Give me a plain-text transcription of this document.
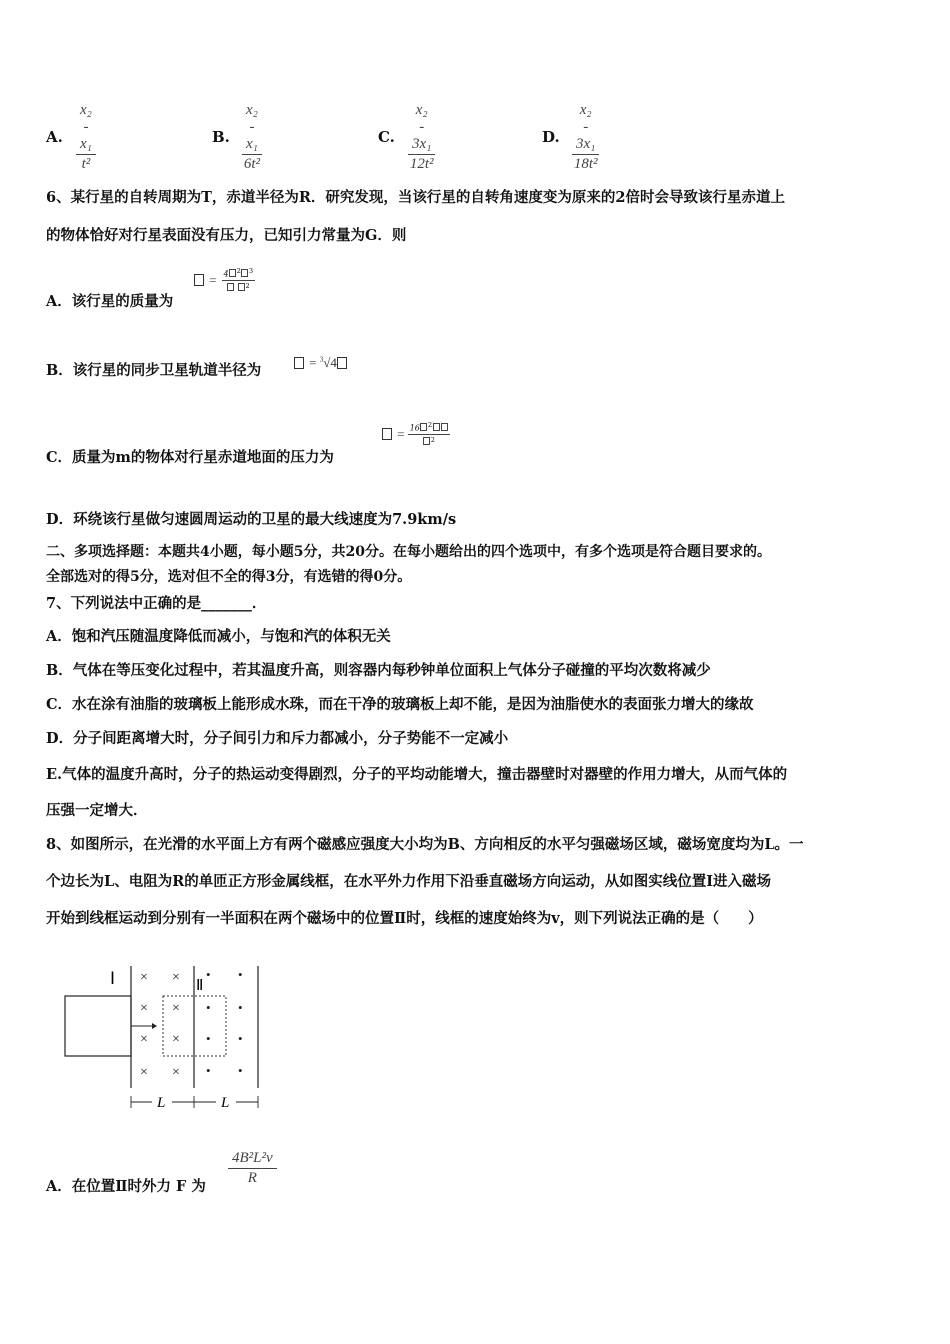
A. $\frac{\text{x₂ - x₁}}{\text{t²}}$	B. $\frac{\text{x₂ - x₁}}{\text{6t²}}$	C. $\frac{\text{x₂ - 3x₁}}{\text{12t²}}$	D. $\frac{\text{x₂ - 3x₁}}{\text{18t²}}$
6、某行星的自转周期为T，赤道半径为R．研究发现，当该行星的自转角速度变为原来的2倍时会导致该行星赤道上
的物体恰好对行星表面没有压力，已知引力常量为G．则
A．该行星的质量为
= 4π²R³ / GT²
= $\frac{4 ^2 ^3}{^2}$
B．该行星的同步卫星轨道半径为
= ∛4 R
= $^3$√4
C．质量为m的物体对行星赤道地面的压力为
= 16π²mR / T²
= $\frac{16 ^2}{^2}$
D．环绕该行星做匀速圆周运动的卫星的最大线速度为7.9km/s
二、多项选择题：本题共4小题，每小题5分，共20分。在每小题给出的四个选项中，有多个选项是符合题目要求的。
全部选对的得5分，选对但不全的得3分，有选错的得0分。
7、下列说法中正确的是_______．
A．饱和汽压随温度降低而减小，与饱和汽的体积无关
B．气体在等压变化过程中，若其温度升高，则容器内每秒钟单位面积上气体分子碰撞的平均次数将减少
C．水在涂有油脂的玻璃板上能形成水珠，而在干净的玻璃板上却不能，是因为油脂使水的表面张力增大的缘故
D．分子间距离增大时，分子间引力和斥力都减小，分子势能不一定减小
E.气体的温度升高时，分子的热运动变得剧烈，分子的平均动能增大，撞击器壁时对器壁的作用力增大，从而气体的
压强一定增大．
8、如图所示，在光滑的水平面上方有两个磁感应强度大小均为B、方向相反的水平匀强磁场区域，磁场宽度均为L。一
个边长为L、电阻为R的单匝正方形金属线框，在水平外力作用下沿垂直磁场方向运动，从如图实线位置Ⅰ进入磁场
开始到线框运动到分别有一半面积在两个磁场中的位置Ⅱ时，线框的速度始终为v，则下列说法正确的是（　　）
Ⅰ	Ⅱ
× ×
× ×
× ×
× ×
• •
• •
• •
• •
L	L
A．在位置Ⅱ时外力 F 为 $\frac{\text{4B²L²v}}{R}$
